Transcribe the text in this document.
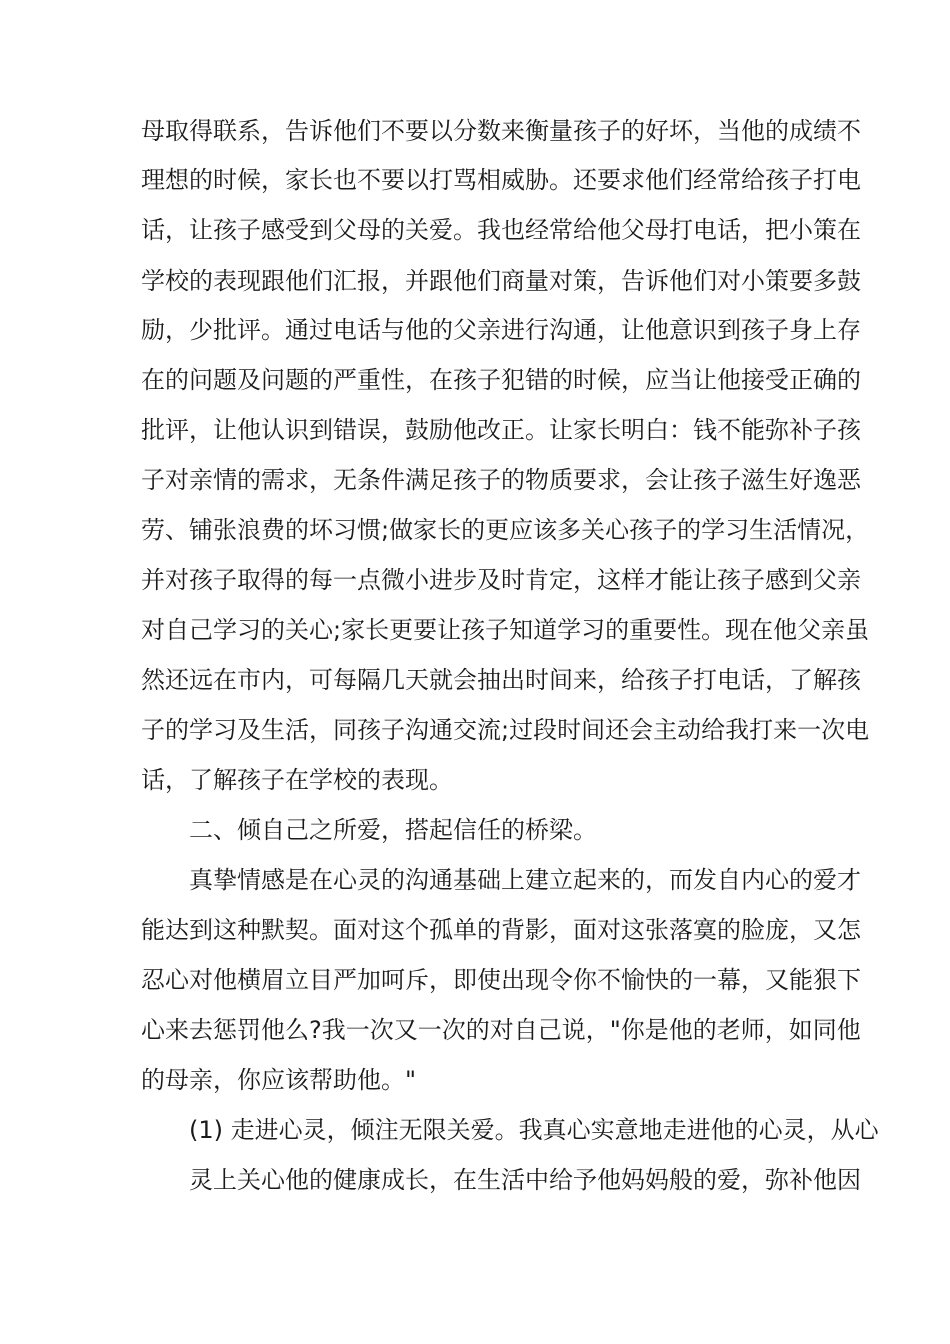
母取得联系，告诉他们不要以分数来衡量孩子的好坏，当他的成绩不
理想的时候，家长也不要以打骂相威胁。还要求他们经常给孩子打电
话，让孩子感受到父母的关爱。我也经常给他父母打电话，把小策在
学校的表现跟他们汇报，并跟他们商量对策，告诉他们对小策要多鼓
励，少批评。通过电话与他的父亲进行沟通，让他意识到孩子身上存
在的问题及问题的严重性，在孩子犯错的时候，应当让他接受正确的
批评，让他认识到错误，鼓励他改正。让家长明白：钱不能弥补子孩
子对亲情的需求，无条件满足孩子的物质要求，会让孩子滋生好逸恶
劳、铺张浪费的坏习惯;做家长的更应该多关心孩子的学习生活情况，
并对孩子取得的每一点微小进步及时肯定，这样才能让孩子感到父亲
对自己学习的关心;家长更要让孩子知道学习的重要性。现在他父亲虽
然还远在市内，可每隔几天就会抽出时间来，给孩子打电话，了解孩
子的学习及生活，同孩子沟通交流;过段时间还会主动给我打来一次电
话，了解孩子在学校的表现。
二、倾自己之所爱，搭起信任的桥梁。
真挚情感是在心灵的沟通基础上建立起来的，而发自内心的爱才
能达到这种默契。面对这个孤单的背影，面对这张落寞的脸庞，又怎
忍心对他横眉立目严加呵斥，即使出现令你不愉快的一幕，又能狠下
心来去惩罚他么?我一次又一次的对自己说，"你是他的老师，如同他
的母亲，你应该帮助他。"
(1) 走进心灵，倾注无限关爱。我真心实意地走进他的心灵，从心
灵上关心他的健康成长，在生活中给予他妈妈般的爱，弥补他因
